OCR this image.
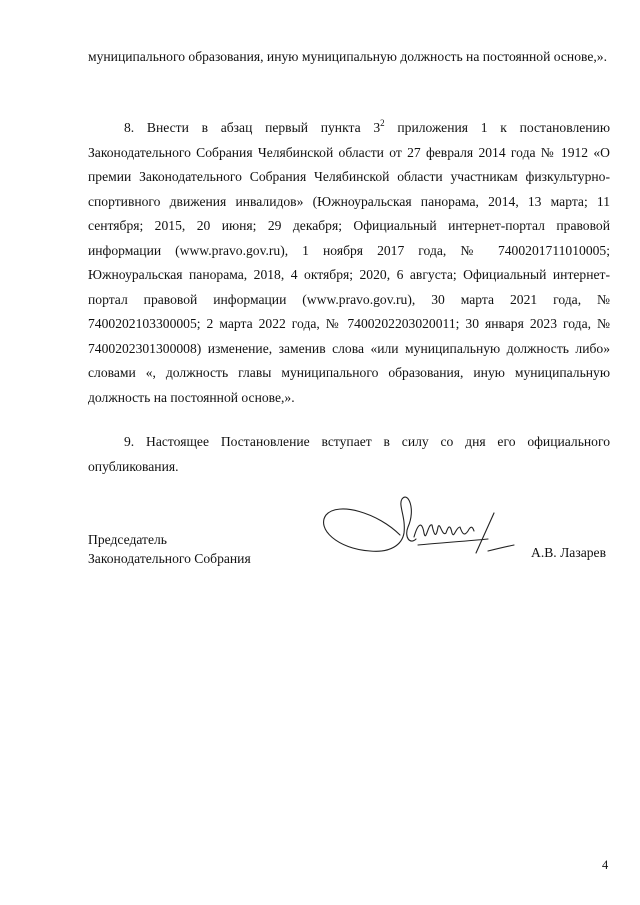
муниципального образования, иную муниципальную должность на постоянной основе,».

8. Внести в абзац первый пункта $3^2$ приложения 1 к постановлению Законодательного Собрания Челябинской области от 27 февраля 2014 года № 1912 «О премии Законодательного Собрания Челябинской области участникам физкультурно-спортивного движения инвалидов» (Южноуральская панорама, 2014, 13 марта; 11 сентября; 2015, 20 июня; 29 декабря; Официальный интернет-портал правовой информации (www.pravo.gov.ru), 1 ноября 2017 года, № 7400201711010005; Южноуральская панорама, 2018, 4 октября; 2020, 6 августа; Официальный интернет-портал правовой информации (www.pravo.gov.ru), 30 марта 2021 года, № 7400202103300005; 2 марта 2022 года, № 7400202203020011; 30 января 2023 года, № 7400202301300008) изменение, заменив слова «или муниципальную должность либо» словами «, должность главы муниципального образования, иную муниципальную должность на постоянной основе,».

9. Настоящее Постановление вступает в силу со дня его официального опубликования.

Председатель
Законодательного Собрания	А.В. Лазарев
4
